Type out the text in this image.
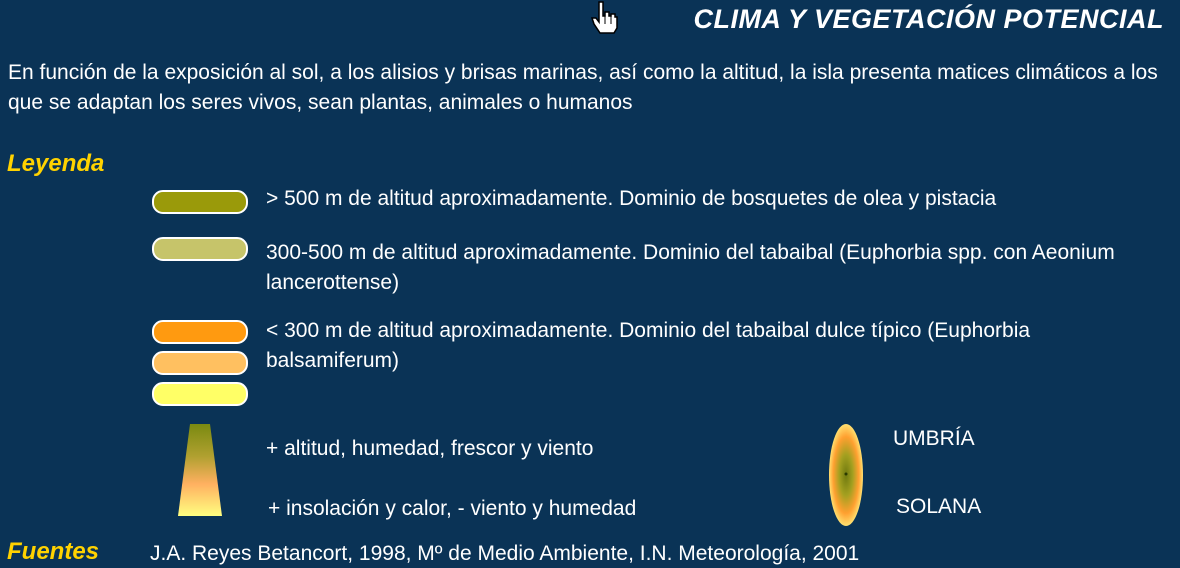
CLIMA Y VEGETACIÓN POTENCIAL
En función de la exposición al sol, a los alisios y brisas marinas, así como la altitud, la isla presenta matices climáticos a los que se adaptan los seres vivos, sean plantas, animales o humanos
Leyenda
> 500 m de altitud aproximadamente. Dominio de bosquetes de olea y pistacia
300-500 m de altitud aproximadamente. Dominio del tabaibal (Euphorbia spp. con Aeonium lancerottense)
< 300 m de altitud aproximadamente. Dominio del tabaibal dulce típico (Euphorbia balsamiferum)
+ altitud, humedad, frescor y viento
+ insolación y calor, - viento y humedad
UMBRÍA
SOLANA
Fuentes J.A. Reyes Betancort, 1998, Mº de Medio Ambiente, I.N. Meteorología, 2001
